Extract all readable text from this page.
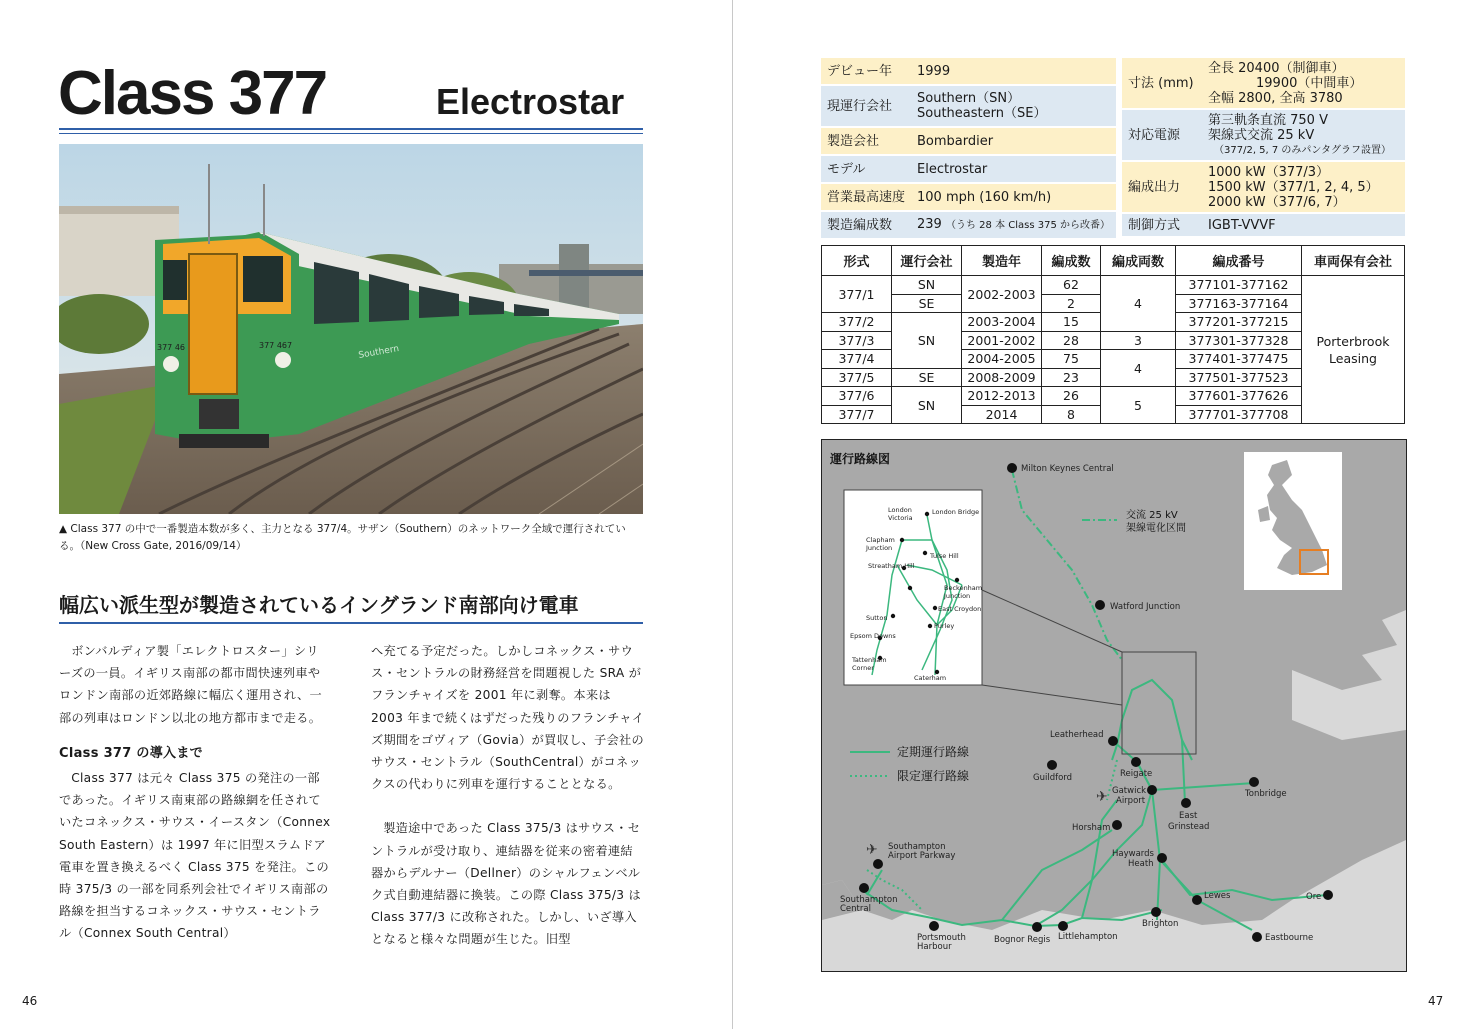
Class 377	Electrostar
377 46	377 467	Southern
▲ Class 377 の中で一番製造本数が多く、主力となる 377/4。サザン（Southern）のネットワーク全域で運行されている。（New Cross Gate, 2016/09/14）
幅広い派生型が製造されているイングランド南部向け電車

ボンバルディア製「エレクトロスター」シリーズの一員。イギリス南部の都市間快速列車やロンドン南部の近郊路線に幅広く運用され、一部の列車はロンドン以北の地方都市まで走る。

Class 377 の導入まで

Class 377 は元々 Class 375 の発注の一部であった。イギリス南東部の路線網を任されていたコネックス・サウス・イースタン（Connex South Eastern）は 1997 年に旧型スラムドア電車を置き換えるべく Class 375 を発注。この時 375/3 の一部を同系列会社でイギリス南部の路線を担当するコネックス・サウス・セントラル（Connex South Central）

へ充てる予定だった。しかしコネックス・サウス・セントラルの財務経営を問題視した SRA がフランチャイズを 2001 年に剥奪。本来は 2003 年まで続くはずだった残りのフランチャイズ期間をゴヴィア（Govia）が買収し、子会社のサウス・セントラル（SouthCentral）がコネックスの代わりに列車を運行することとなる。

製造途中であった Class 375/3 はサウス・セントラルが受け取り、連結器を従来の密着連結器からデルナー（Dellner）のシャルフェンベルク式自動連結器に換装。この際 Class 375/3 は Class 377/3 に改称された。しかし、いざ導入となると様々な問題が生じた。旧型

46
デビュー年	1999
現運行会社	Southern（SN）
Southeastern（SE）

製造会社	Bombardier
モデル	Electrostar
営業最高速度	100 mph (160 km/h)
製造編成数	239 （うち 28 本 Class 375 から改番）
寸法 (mm)	全長 20400（制御車）
19900（中間車）
全幅 2800, 全高 3780

対応電源	第三軌条直流 750 V
架線式交流 25 kV
（377/2, 5, 7 のみパンタグラフ設置）

編成出力	1000 kW（377/3）
1500 kW（377/1, 2, 4, 5）
2000 kW（377/6, 7）

制御方式	IGBT-VVVF
形式	運行会社	製造年	編成数	編成両数	編成番号	車両保有会社
377/1	SN	2002-2003	62	4	377101-377162	Porterbrook
Leasing

	SE		2		377163-377164	
377/2	SN	2003-2004	15		377201-377215	
377/3		2001-2002	28	3	377301-377328	
377/4		2004-2005	75	4	377401-377475	
377/5	SE	2008-2009	23		377501-377523	
377/6	SN	2012-2013	26	5	377601-377626	
377/7		2014	8		377701-377708	
London
Victoria
London Bridge
Clapham
Junction
Tulse Hill
Streatham Hill
Beckenham
Junction
East Croydon
Sutton
Purley
Epsom Downs
Tattenham
Corner
Caterham
✈
✈
運行路線図
Milton Keynes Central
Watford Junction
Leatherhead
Guildford	Reigate
Gatwick
Airport
Tonbridge
East
Grinstead
Horsham
Haywards
Heath
Southampton
Airport Parkway
Southampton
Central
Portsmouth
Harbour
Bognor Regis Littlehampton
Brighton
Lewes
Eastbourne
Ore
交流 25 kV
架線電化区間
定期運行路線
限定運行路線
47
